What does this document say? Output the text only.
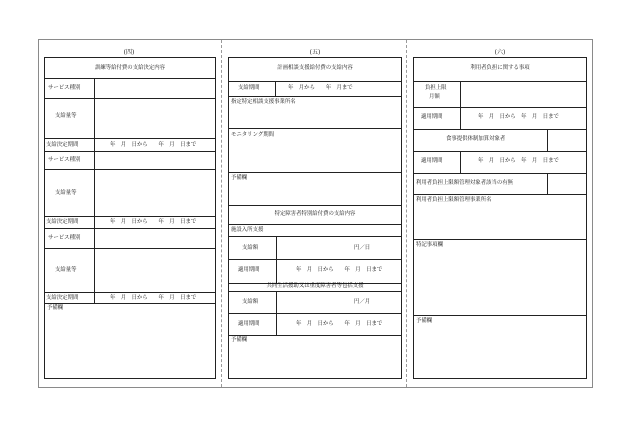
(四)
訓練等給付費の支給決定内容
サービス種別
支給量等
支給決定期間	年　月　日から　　年　月　日まで
サービス種別
支給量等
支給決定期間	年　月　日から　　年　月　日まで
サービス種別
支給量等
支給決定期間	年　月　日から　　年　月　日まで
予備欄
(五)
計画相談支援給付費の支給内容
支給期間	年　月から　　年　月まで
指定特定相談支援事業所名
モニタリング期間
予備欄
特定障害者特別給付費の支給内容
施設入所支援
支給額	円／日
適用期間	年　月　日から　　年　月　日まで
共同生活援助又は重度障害者等包括支援
支給額	円／月
適用期間	年　月　日から　　年　月　日まで
予備欄
(六)
利用者負担に関する事項
負担上限
月額
適用期間	年　月　日から　年　月　日まで
食事提供体制加算対象者
適用期間	年　月　日から　年　月　日まで
利用者負担上限額管理対象者該当の有無
利用者負担上限額管理事業所名
特記事項欄
予備欄
